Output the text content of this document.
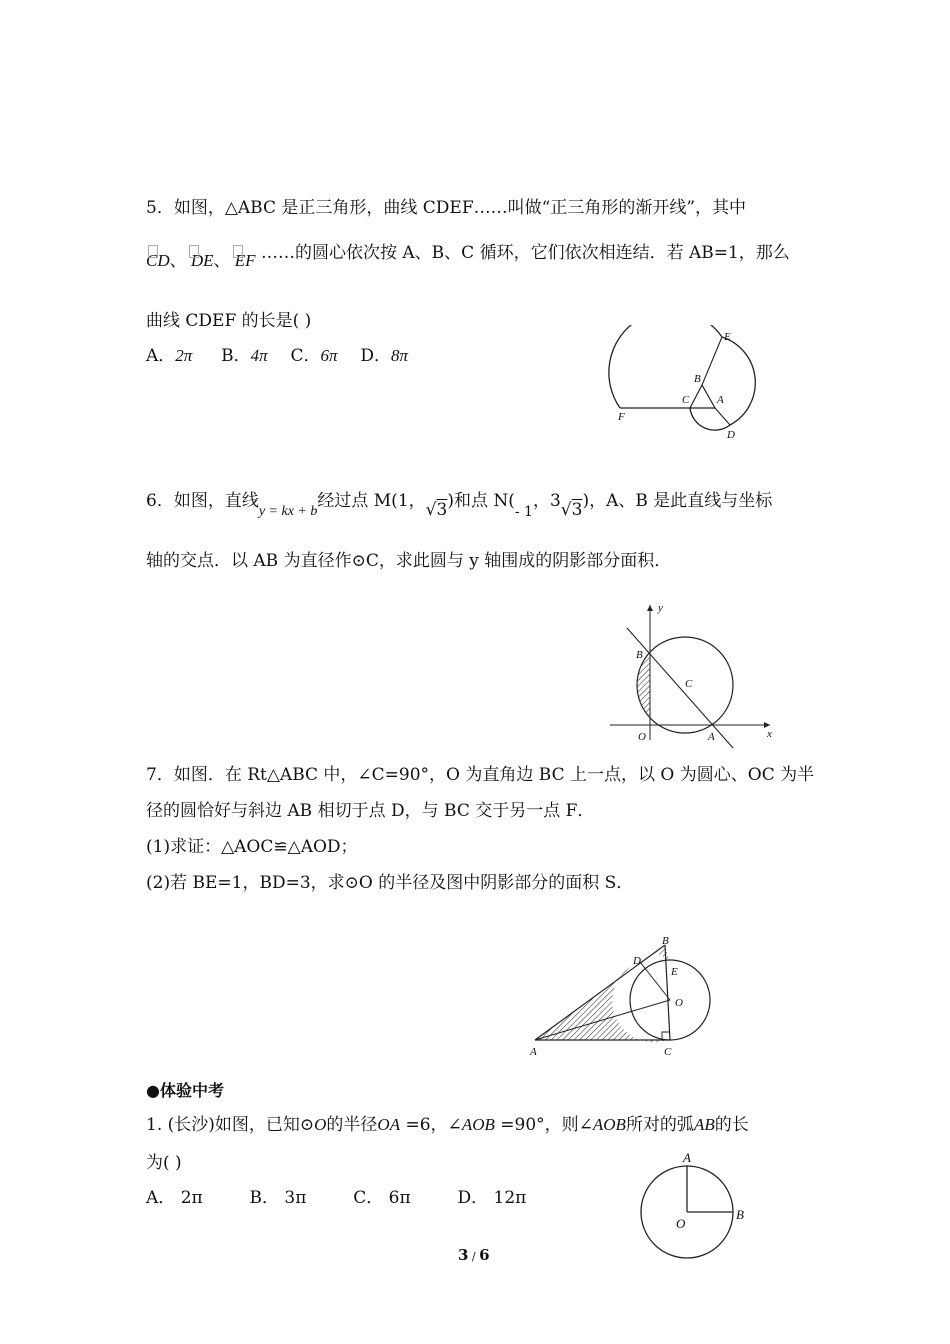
5．如图，△ABC 是正三角形，曲线 CDEF……叫做“正三角形的渐开线”，其中
CD、 DE、 EF ……的圆心依次按 A、B、C 循环，它们依次相连结．若 AB=1，那么
曲线 CDEF 的长是( )
A．2π B．4π C．6π D．8π
E
B
C	A
F
D
6．如图，直线$_{y = kx + b}$经过点 M(1，√3)和点 $N(_{- 1}$，3√3)，A、B 是此直线与坐标
轴的交点．以 AB 为直径作⊙C，求此圆与 y 轴围成的阴影部分面积．
y
B
C
O	A	x
7．如图．在 Rt△ABC 中，∠C=90°，O 为直角边 BC 上一点，以 O 为圆心、OC 为半
径的圆恰好与斜边 AB 相切于点 D，与 BC 交于另一点 F．
(1)求证：△AOC≌△AOD；
(2)若 BE=1，BD=3，求⊙O 的半径及图中阴影部分的面积 S．
B
D
E
O
A	C
●体验中考
1. (长沙)如图，已知⊙O的半径OA =6，∠AOB =90°，则∠AOB所对的弧AB的长
为( )
A． 2π	B． 3π	C． 6π	D． 12π
A
O
B
3 / 6
